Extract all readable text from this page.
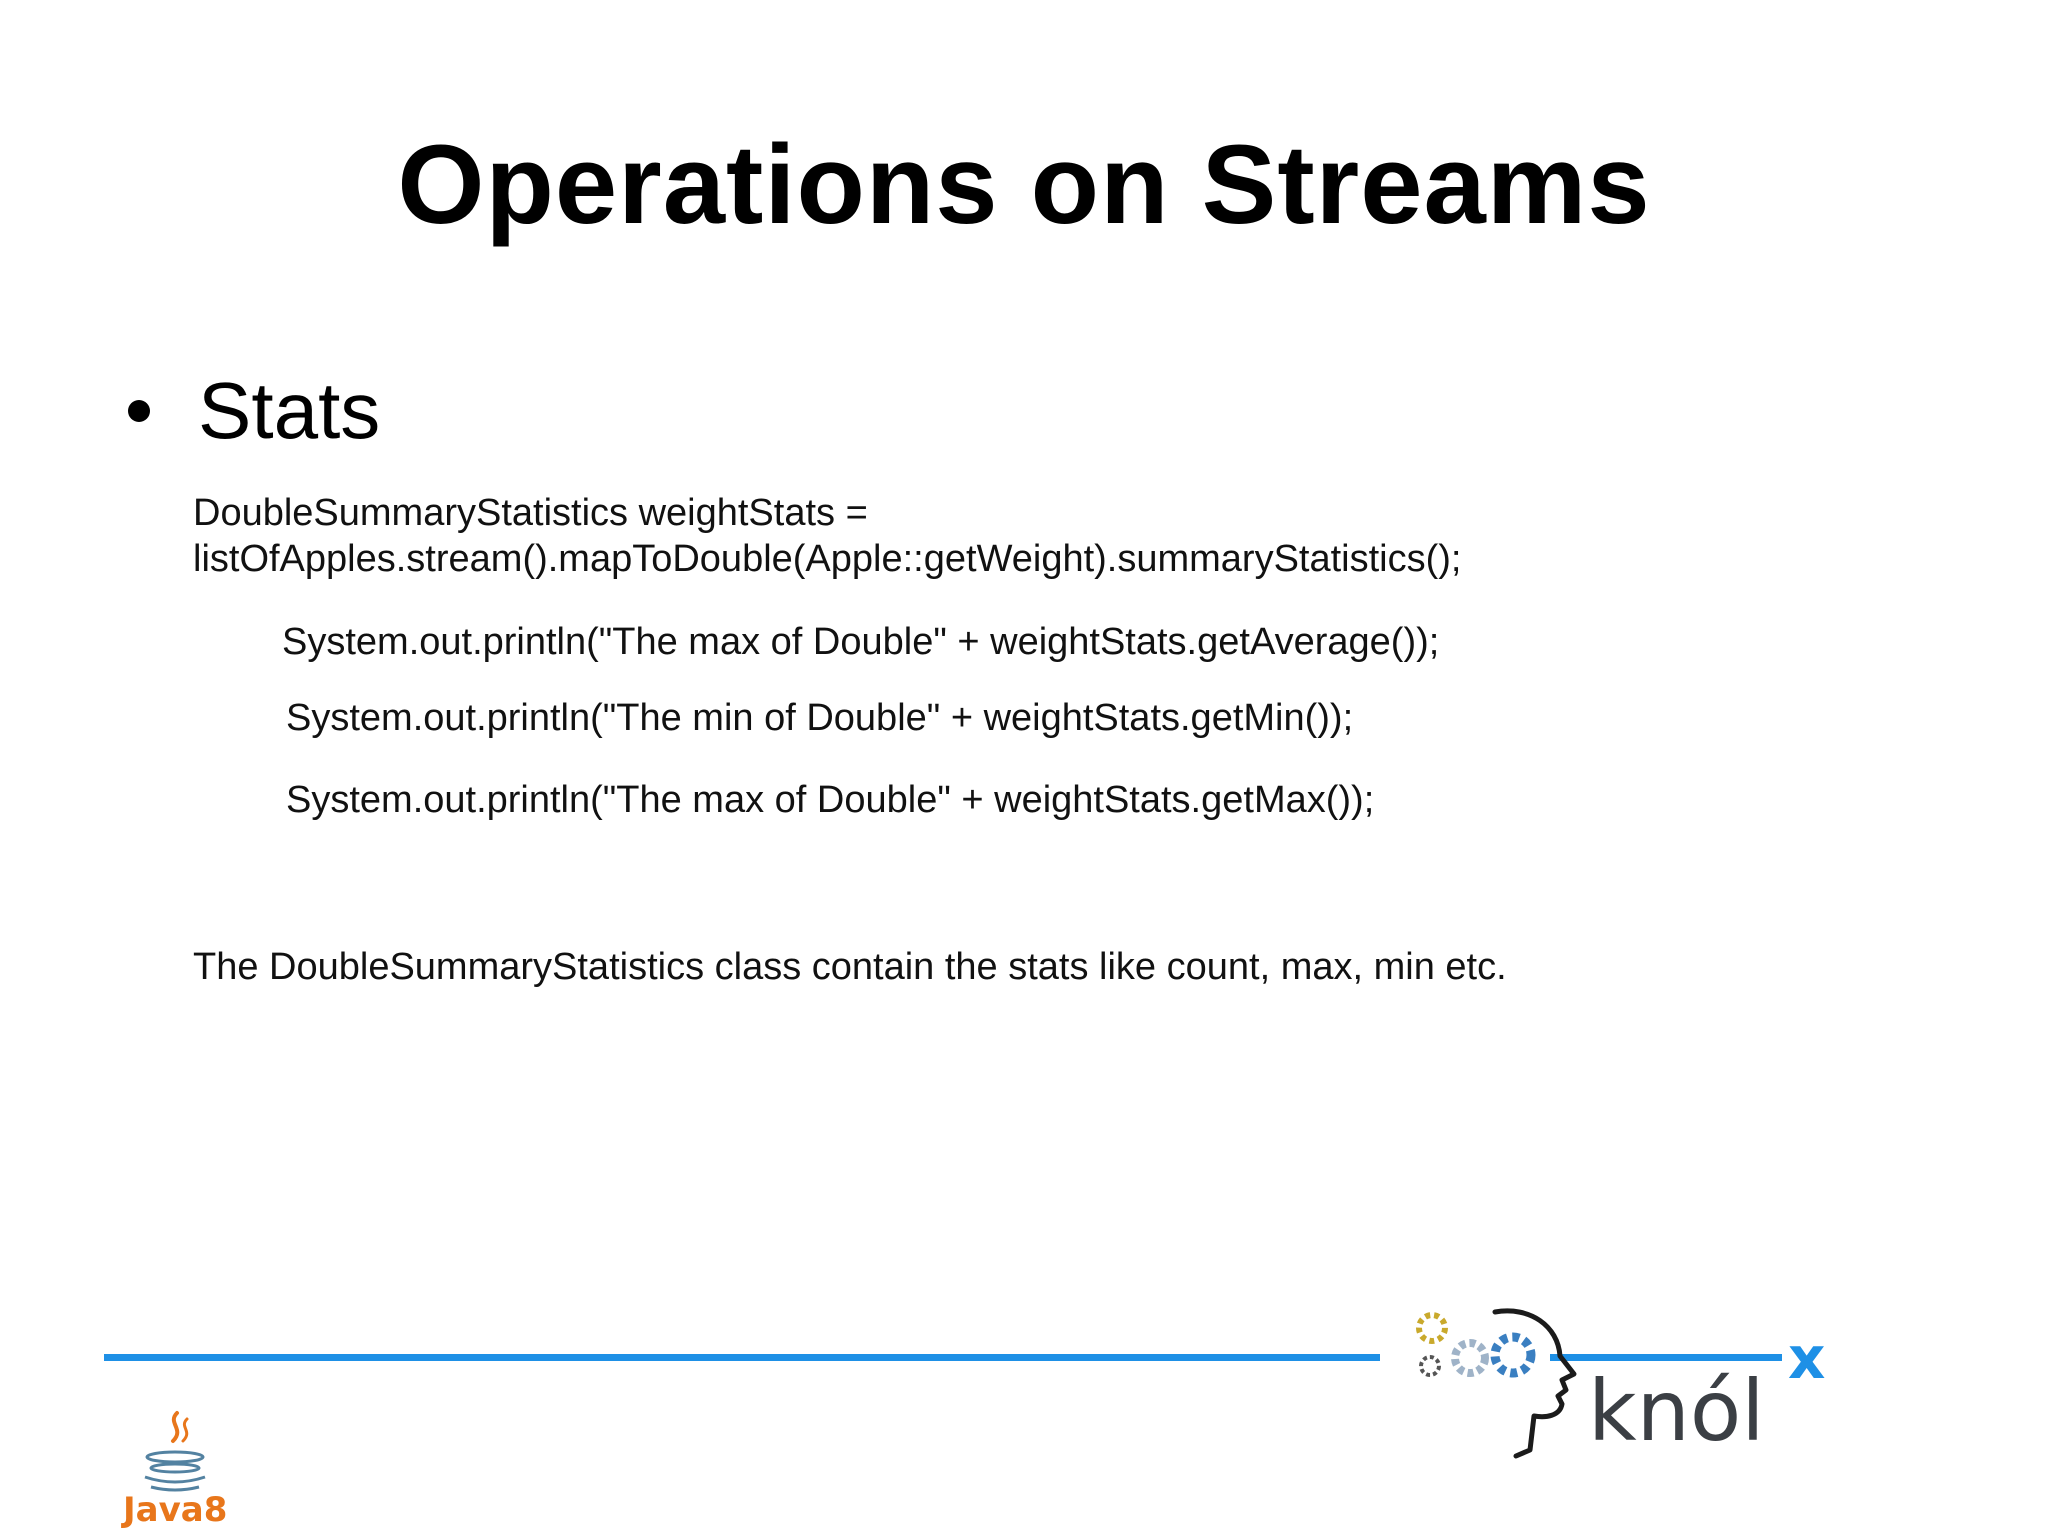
Operations on Streams
Stats
DoubleSummaryStatistics weightStats =
listOfApples.stream().mapToDouble(Apple::getWeight).summaryStatistics();
System.out.println("The max of Double" + weightStats.getAverage());
System.out.println("The min of Double" + weightStats.getMin());
System.out.println("The max of Double" + weightStats.getMax());
The DoubleSummaryStatistics class contain the stats like count, max, min etc.
knól
x
Java8
